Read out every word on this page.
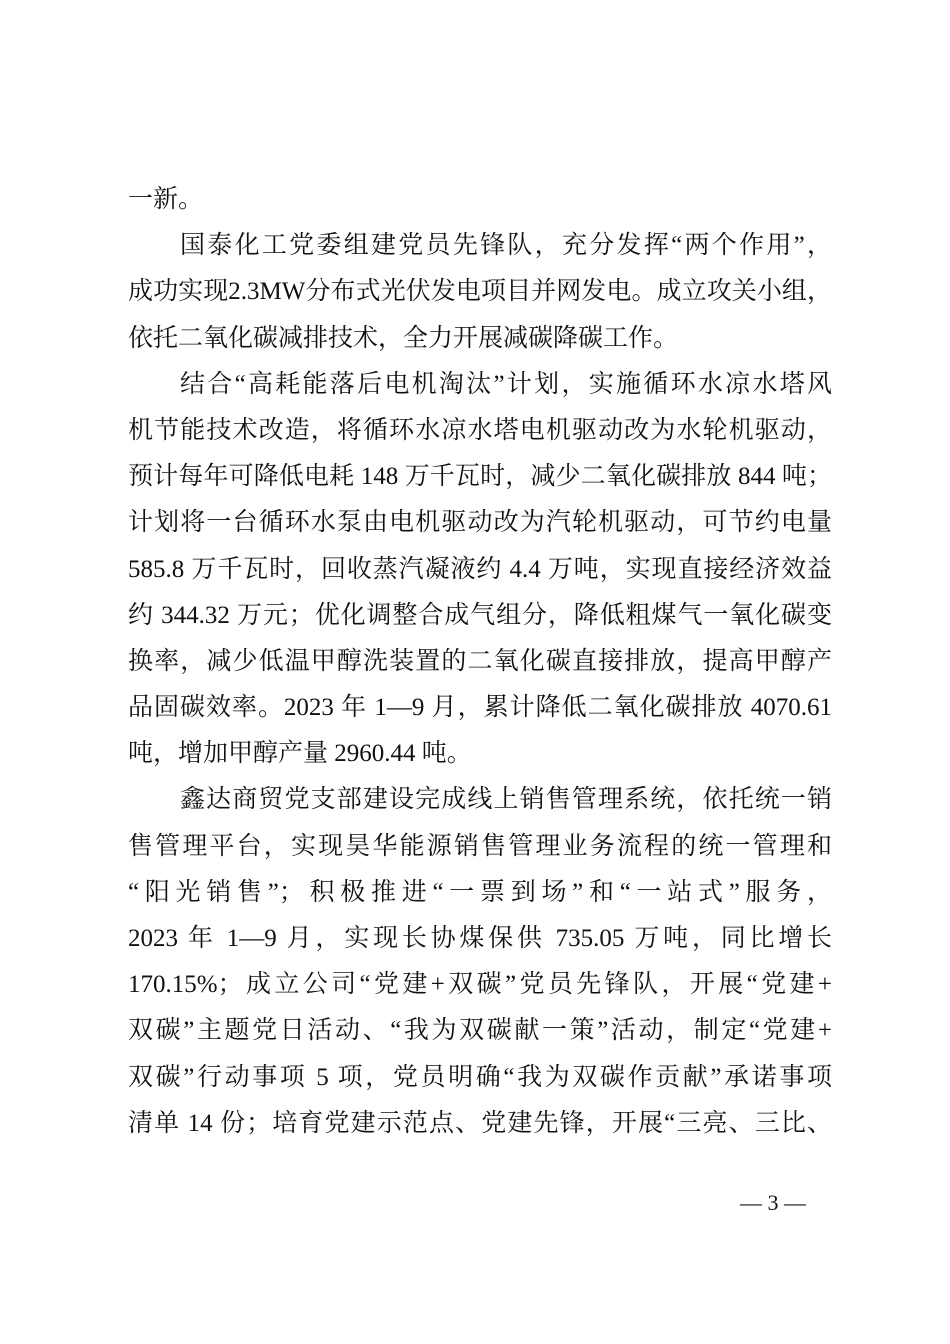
一新。
国泰化工党委组建党员先锋队，充分发挥“两个作用”，
成功实现2.3MW分布式光伏发电项目并网发电。成立攻关小组，
依托二氧化碳减排技术，全力开展减碳降碳工作。
结合“高耗能落后电机淘汰”计划，实施循环水凉水塔风
机节能技术改造，将循环水凉水塔电机驱动改为水轮机驱动，
预计每年可降低电耗 148 万千瓦时，减少二氧化碳排放 844 吨；
计划将一台循环水泵由电机驱动改为汽轮机驱动，可节约电量
585.8 万千瓦时，回收蒸汽凝液约 4.4 万吨，实现直接经济效益
约 344.32 万元；优化调整合成气组分，降低粗煤气一氧化碳变
换率，减少低温甲醇洗装置的二氧化碳直接排放，提高甲醇产
品固碳效率。2023 年 1—9 月，累计降低二氧化碳排放 4070.61
吨，增加甲醇产量 2960.44 吨。
鑫达商贸党支部建设完成线上销售管理系统，依托统一销
售管理平台，实现昊华能源销售管理业务流程的统一管理和
“阳光销售”；积极推进“一票到场”和“一站式”服务，
2023 年 1—9 月，实现长协煤保供 735.05 万吨，同比增长
170.15%；成立公司“党建+双碳”党员先锋队，开展“党建+
双碳”主题党日活动、“我为双碳献一策”活动，制定“党建+
双碳”行动事项 5 项，党员明确“我为双碳作贡献”承诺事项
清单 14 份；培育党建示范点、党建先锋，开展“三亮、三比、
— 3 —
